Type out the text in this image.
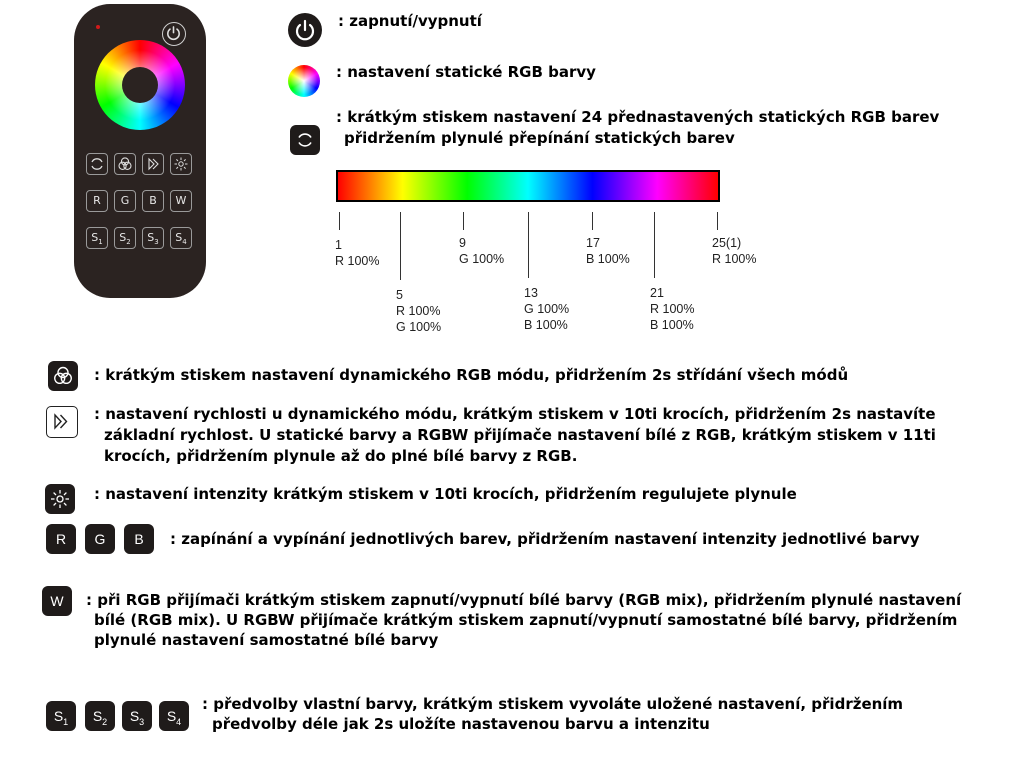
R	G	B	W
$S_1$	$S_2$	$S_3$	$S_4$
: zapnutí/vypnutí
: nastavení statické RGB barvy
: krátkým stiskem nastavení 24 přednastavených statických RGB barev
přidržením plynulé přepínání statických barev
1
R 100%
5
R 100%
G 100%
9
G 100%
13
G 100%
B 100%
17
B 100%
21
R 100%
B 100%
25(1)
R 100%
: krátkým stiskem nastavení dynamického RGB módu, přidržením 2s střídání všech módů
: nastavení rychlosti u dynamického módu, krátkým stiskem v 10ti krocích, přidržením 2s nastavíte
základní rychlost. U statické barvy a RGBW přijímače nastavení bílé z RGB, krátkým stiskem v 11ti
krocích, přidržením plynule až do plné bílé barvy z RGB.
: nastavení intenzity krátkým stiskem v 10ti krocích, přidržením regulujete plynule
R	G	B	: zapínání a vypínání jednotlivých barev, přidržením nastavení intenzity jednotlivé barvy
W	: při RGB přijímači krátkým stiskem zapnutí/vypnutí bílé barvy (RGB mix), přidržením plynulé nastavení
bílé (RGB mix). U RGBW přijímače krátkým stiskem zapnutí/vypnutí samostatné bílé barvy, přidržením
plynulé nastavení samostatné bílé barvy
$S_1$	$S_2$	$S_3$	$S_4$
: předvolby vlastní barvy, krátkým stiskem vyvoláte uložené nastavení, přidržením
předvolby déle jak 2s uložíte nastavenou barvu a intenzitu
